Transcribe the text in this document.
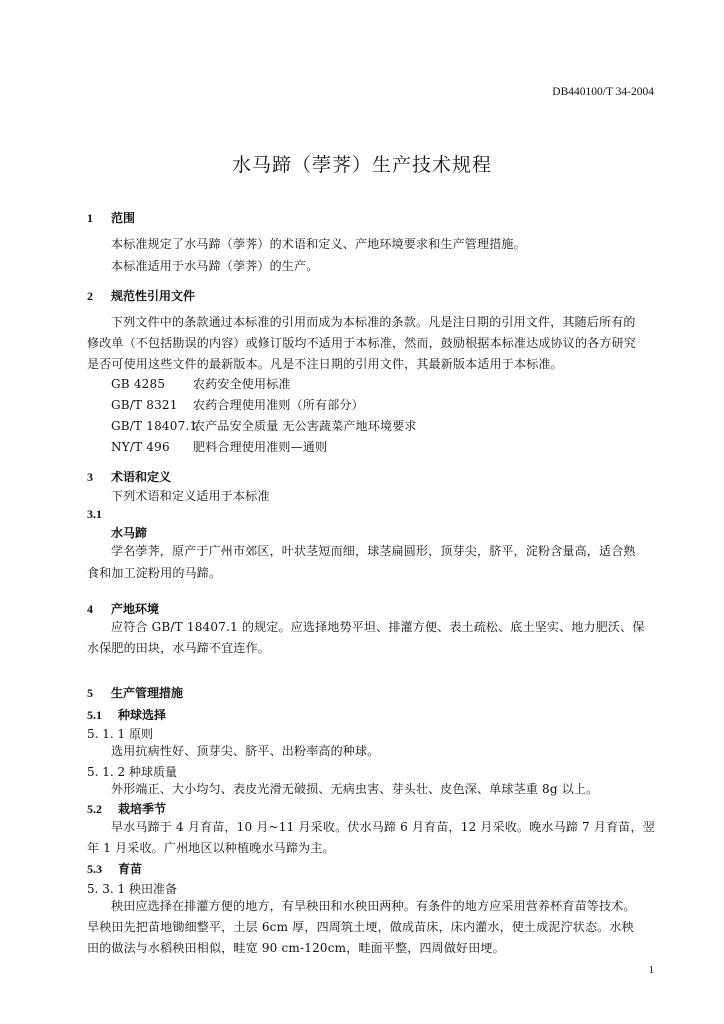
DB440100/T 34-2004
水马蹄（荸荠）生产技术规程
1 范围
本标准规定了水马蹄（荸荠）的术语和定义、产地环境要求和生产管理措施。
本标准适用于水马蹄（荸荠）的生产。
2 规范性引用文件
下列文件中的条款通过本标准的引用而成为本标准的条款。凡是注日期的引用文件，其随后所有的
修改单（不包括勘误的内容）或修订版均不适用于本标准，然而，鼓励根据本标准达成协议的各方研究
是否可使用这些文件的最新版本。凡是不注日期的引用文件，其最新版本适用于本标准。
GB 4285 农药安全使用标准
GB/T 8321 农药合理使用准则（所有部分）
GB/T 18407.1农产品安全质量 无公害蔬菜产地环境要求
NY/T 496 肥料合理使用准则—通则
3 术语和定义
下列术语和定义适用于本标准
3.1
水马蹄
学名荸荠，原产于广州市郊区，叶状茎短而细，球茎扁圆形，顶芽尖，脐平，淀粉含量高，适合熟
食和加工淀粉用的马蹄。
4 产地环境
应符合 GB/T 18407.1 的规定。应选择地势平坦、排灌方便、表土疏松、底土坚实、地力肥沃、保
水保肥的田块，水马蹄不宜连作。
5 生产管理措施
5.1 种球选择
5. 1. 1 原则
选用抗病性好、顶芽尖、脐平、出粉率高的种球。
5. 1. 2 种球质量
外形端正、大小均匀、表皮光滑无破损、无病虫害、芽头壮、皮色深、单球茎重 8g 以上。
5.2 栽培季节
早水马蹄于 4 月育苗，10 月~11 月采收。伏水马蹄 6 月育苗，12 月采收。晚水马蹄 7 月育苗，翌
年 1 月采收。广州地区以种植晚水马蹄为主。
5.3 育苗
5. 3. 1 秧田准备
秧田应选择在排灌方便的地方，有旱秧田和水秧田两种。有条件的地方应采用营养杯育苗等技术。
旱秧田先把苗地锄细整平，土层 6cm 厚，四周筑土埂，做成苗床，床内灌水，使土成泥泞状态。水秧
田的做法与水稻秧田相似，畦宽 90 cm-120cm，畦面平整，四周做好田埂。
1
